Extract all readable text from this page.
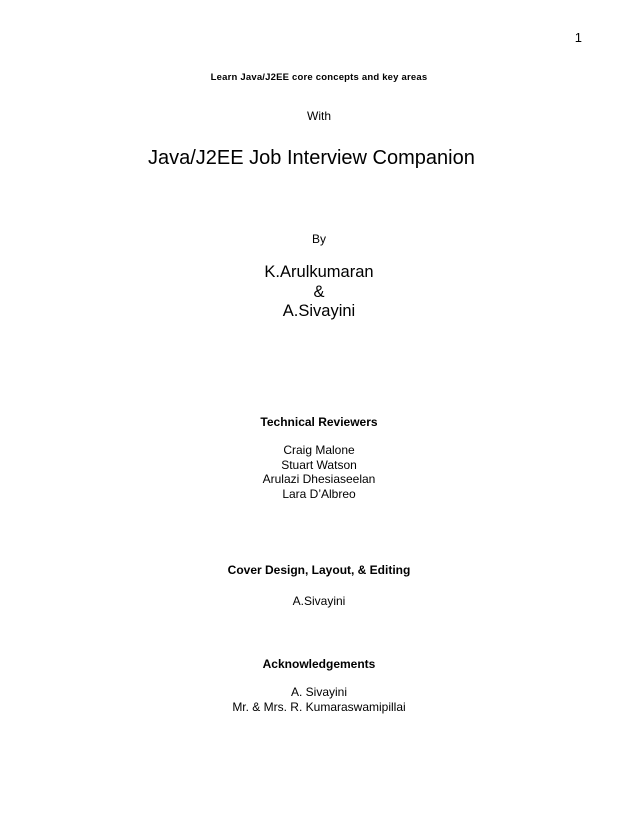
1
Learn Java/J2EE core concepts and key areas
With
Java/J2EE Job Interview Companion
By
K.Arulkumaran
&
A.Sivayini
Technical Reviewers
Craig Malone
Stuart Watson
Arulazi Dhesiaseelan
Lara D’Albreo
Cover Design, Layout, & Editing
A.Sivayini
Acknowledgements
A. Sivayini
Mr. & Mrs. R. Kumaraswamipillai
